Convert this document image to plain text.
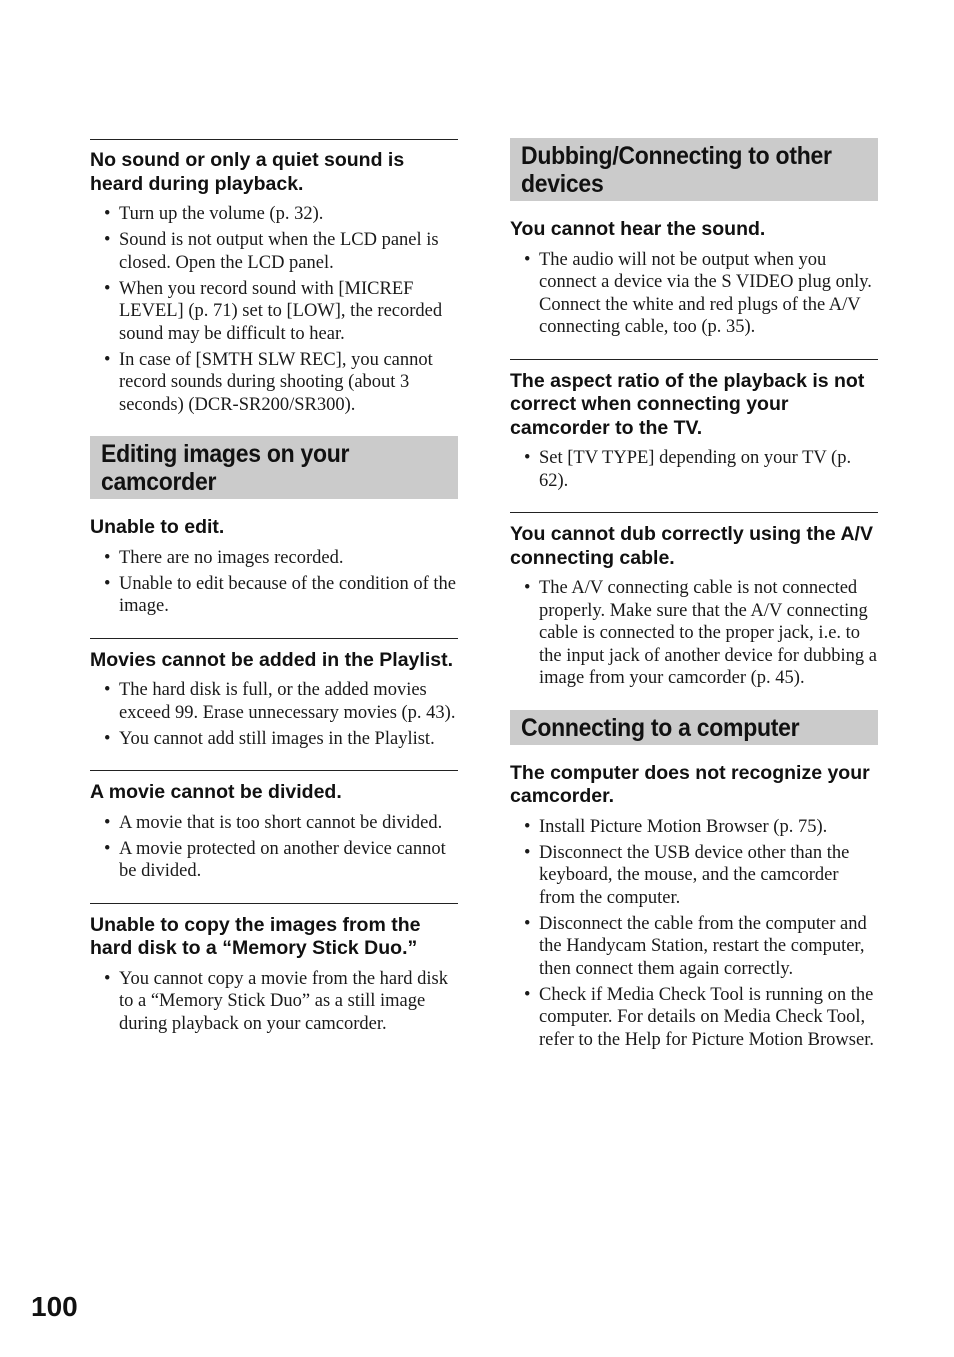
No sound or only a quiet sound is heard during playback.
• Turn up the volume (p. 32).
• Sound is not output when the LCD panel is closed. Open the LCD panel.
• When you record sound with [MICREF LEVEL] (p. 71) set to [LOW], the recorded sound may be difficult to hear.
• In case of [SMTH SLW REC], you cannot record sounds during shooting (about 3 seconds) (DCR-SR200/SR300).
Editing images on your
camcorder
Unable to edit.
• There are no images recorded.
• Unable to edit because of the condition of the image.
Movies cannot be added in the Playlist.
• The hard disk is full, or the added movies exceed 99. Erase unnecessary movies (p. 43).
• You cannot add still images in the Playlist.
A movie cannot be divided.
• A movie that is too short cannot be divided.
• A movie protected on another device cannot be divided.
Unable to copy the images from the hard disk to a “Memory Stick Duo.”
• You cannot copy a movie from the hard disk to a “Memory Stick Duo” as a still image during playback on your camcorder.
Dubbing/Connecting to other
devices
You cannot hear the sound.
• The audio will not be output when you connect a device via the S VIDEO plug only. Connect the white and red plugs of the A/V connecting cable, too (p. 35).
The aspect ratio of the playback is not correct when connecting your camcorder to the TV.
• Set [TV TYPE] depending on your TV (p. 62).
You cannot dub correctly using the A/V connecting cable.
• The A/V connecting cable is not connected properly. Make sure that the A/V connecting cable is connected to the proper jack, i.e. to the input jack of another device for dubbing a image from your camcorder (p. 45).
Connecting to a computer
The computer does not recognize your camcorder.
• Install Picture Motion Browser (p. 75).
• Disconnect the USB device other than the keyboard, the mouse, and the camcorder from the computer.
• Disconnect the cable from the computer and the Handycam Station, restart the computer, then connect them again correctly.
• Check if Media Check Tool is running on the computer. For details on Media Check Tool, refer to the Help for Picture Motion Browser.
100
